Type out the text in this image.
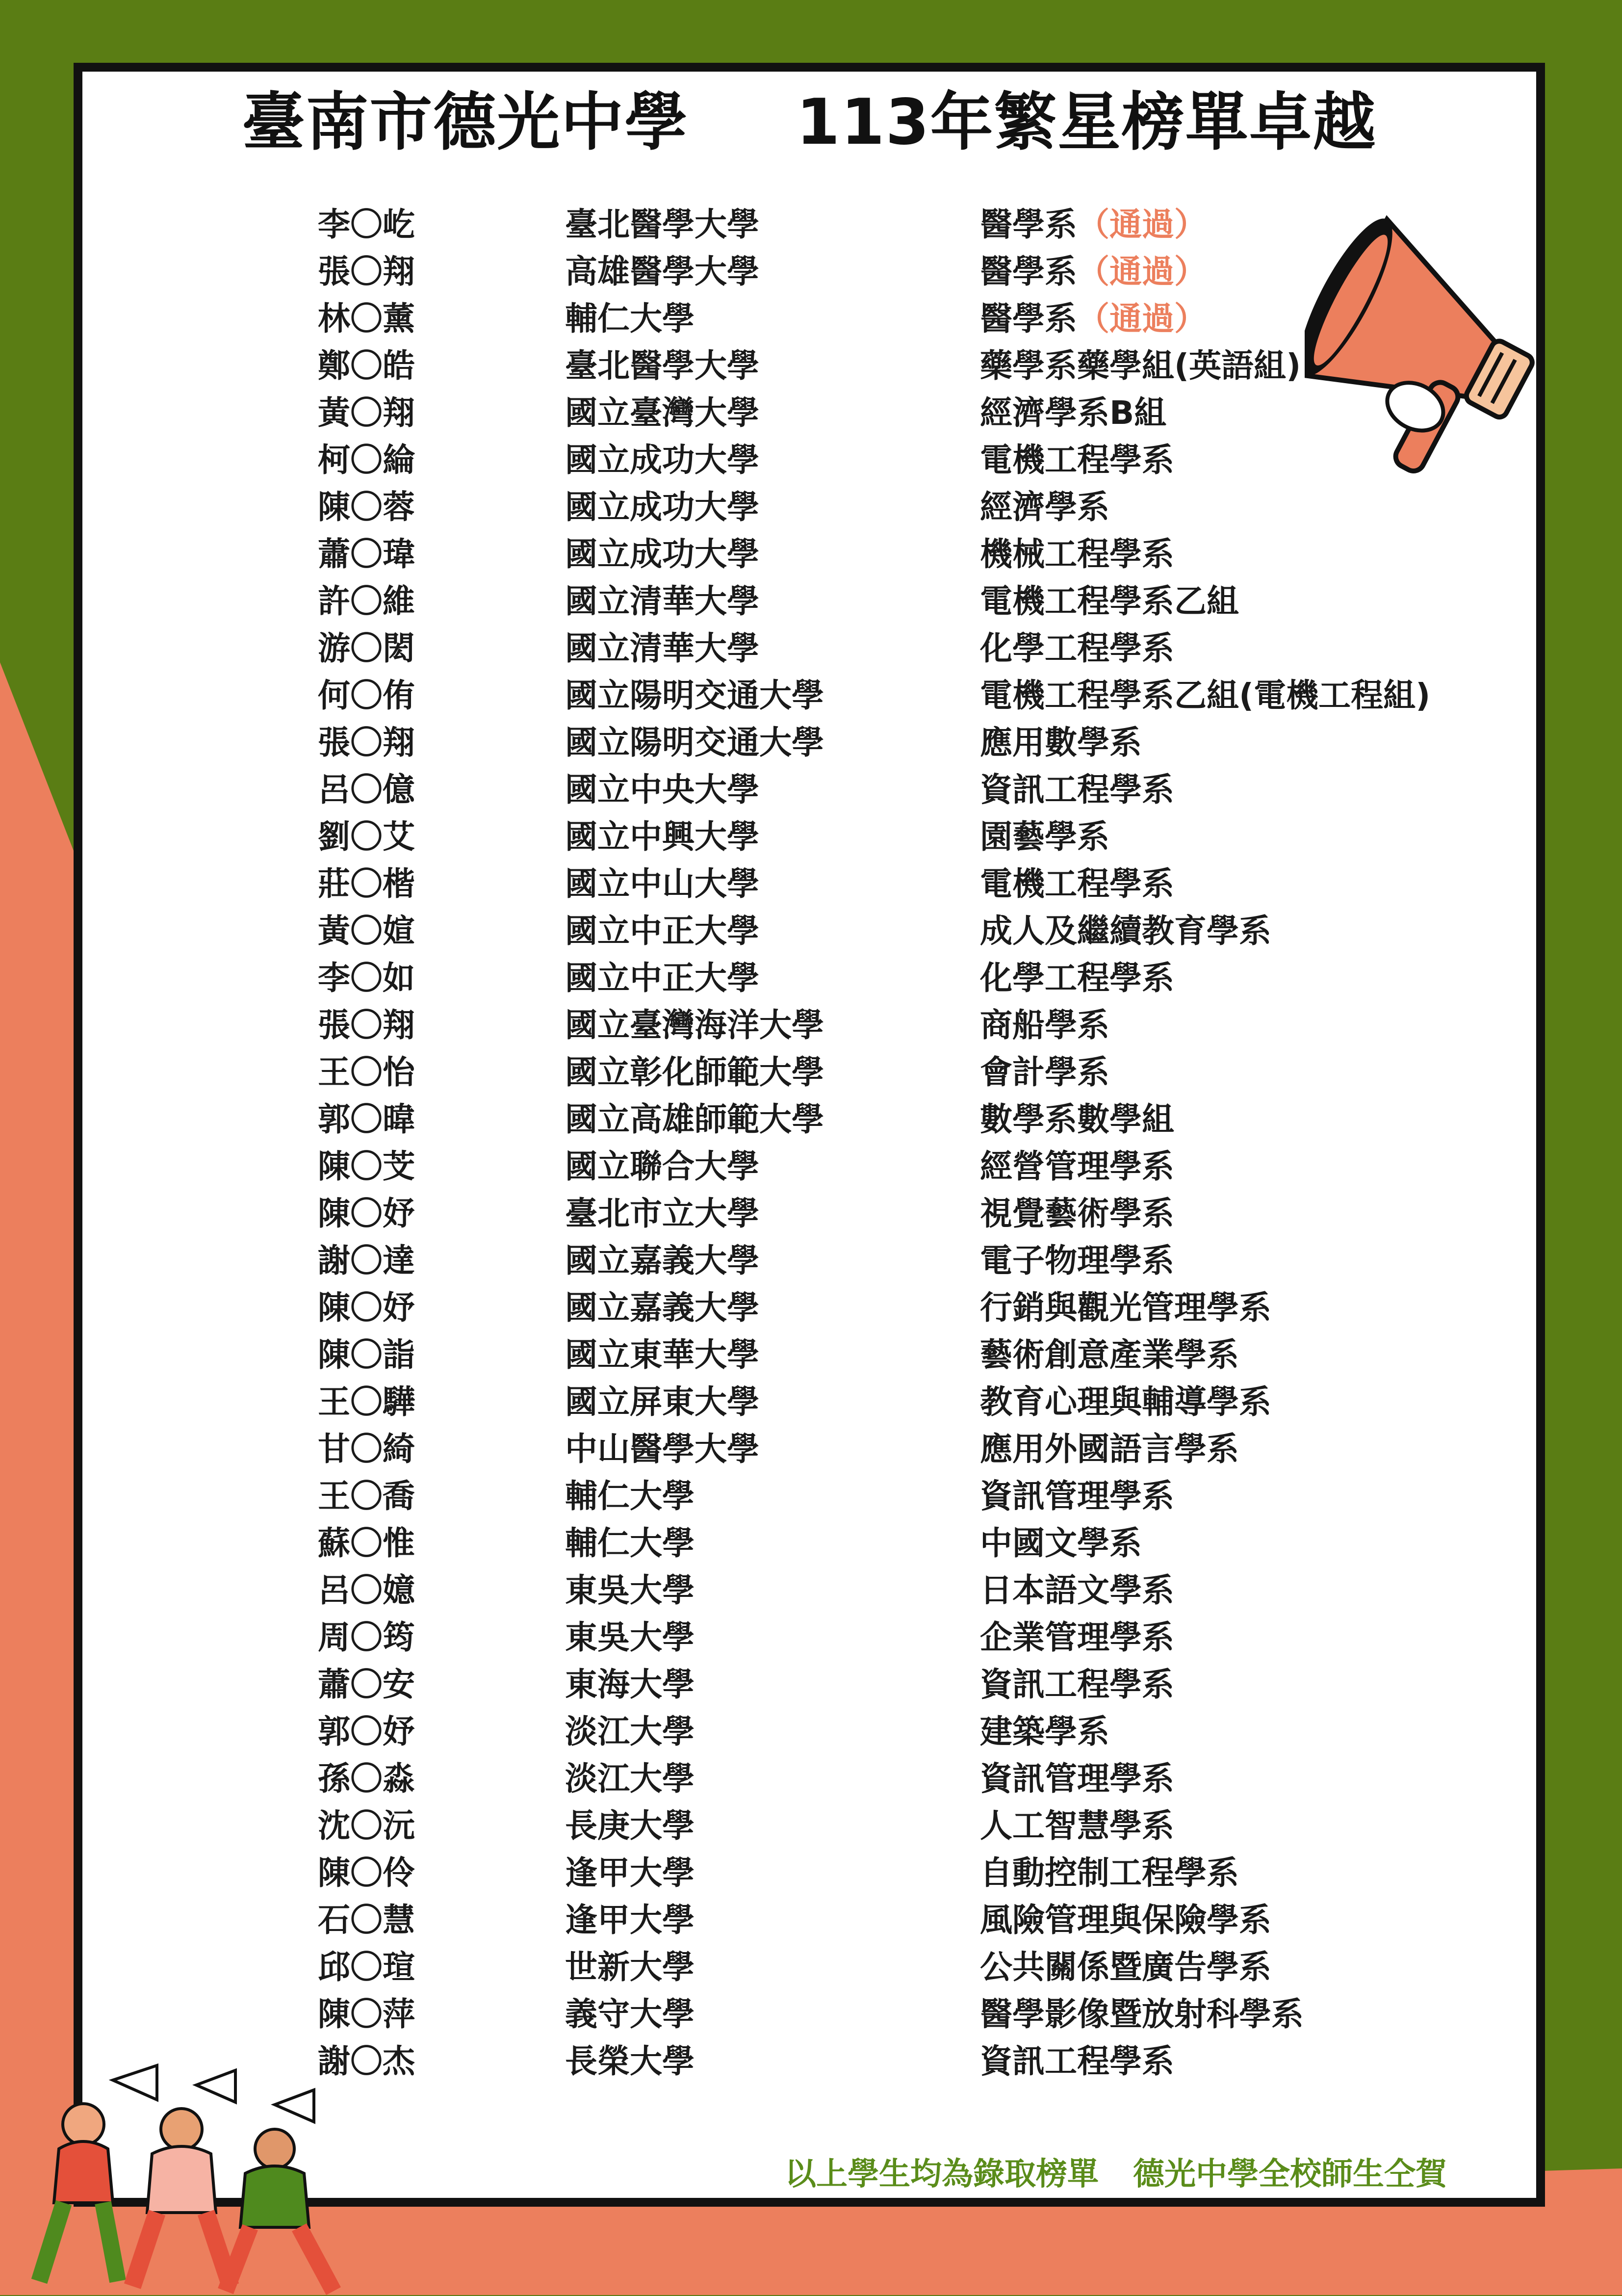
臺南市德光中學 113年繁星榜單卓越
李〇屹	臺北醫學大學	醫學系（通過）
張〇翔	高雄醫學大學	醫學系（通過）
林〇薰	輔仁大學	醫學系（通過）
鄭〇皓	臺北醫學大學	藥學系藥學組(英語組)
黃〇翔	國立臺灣大學	經濟學系B組
柯〇綸	國立成功大學	電機工程學系
陳〇蓉	國立成功大學	經濟學系
蕭〇瑋	國立成功大學	機械工程學系
許〇維	國立清華大學	電機工程學系乙組
游〇閎	國立清華大學	化學工程學系
何〇侑	國立陽明交通大學	電機工程學系乙組(電機工程組)
張〇翔	國立陽明交通大學	應用數學系
呂〇億	國立中央大學	資訊工程學系
劉〇艾	國立中興大學	園藝學系
莊〇楷	國立中山大學	電機工程學系
黃〇媗	國立中正大學	成人及繼續教育學系
李〇如	國立中正大學	化學工程學系
張〇翔	國立臺灣海洋大學	商船學系
王〇怡	國立彰化師範大學	會計學系
郭〇暐	國立高雄師範大學	數學系數學組
陳〇芠	國立聯合大學	經營管理學系
陳〇妤	臺北市立大學	視覺藝術學系
謝〇達	國立嘉義大學	電子物理學系
陳〇妤	國立嘉義大學	行銷與觀光管理學系
陳〇詣	國立東華大學	藝術創意產業學系
王〇驊	國立屏東大學	教育心理與輔導學系
甘〇綺	中山醫學大學	應用外國語言學系
王〇喬	輔仁大學	資訊管理學系
蘇〇惟	輔仁大學	中國文學系
呂〇嬑	東吳大學	日本語文學系
周〇筠	東吳大學	企業管理學系
蕭〇安	東海大學	資訊工程學系
郭〇妤	淡江大學	建築學系
孫〇淼	淡江大學	資訊管理學系
沈〇沅	長庚大學	人工智慧學系
陳〇伶	逢甲大學	自動控制工程學系
石〇慧	逢甲大學	風險管理與保險學系
邱〇瑄	世新大學	公共關係暨廣告學系
陳〇萍	義守大學	醫學影像暨放射科學系
謝〇杰	長榮大學	資訊工程學系
以上學生均為錄取榜單 德光中學全校師生仝賀
